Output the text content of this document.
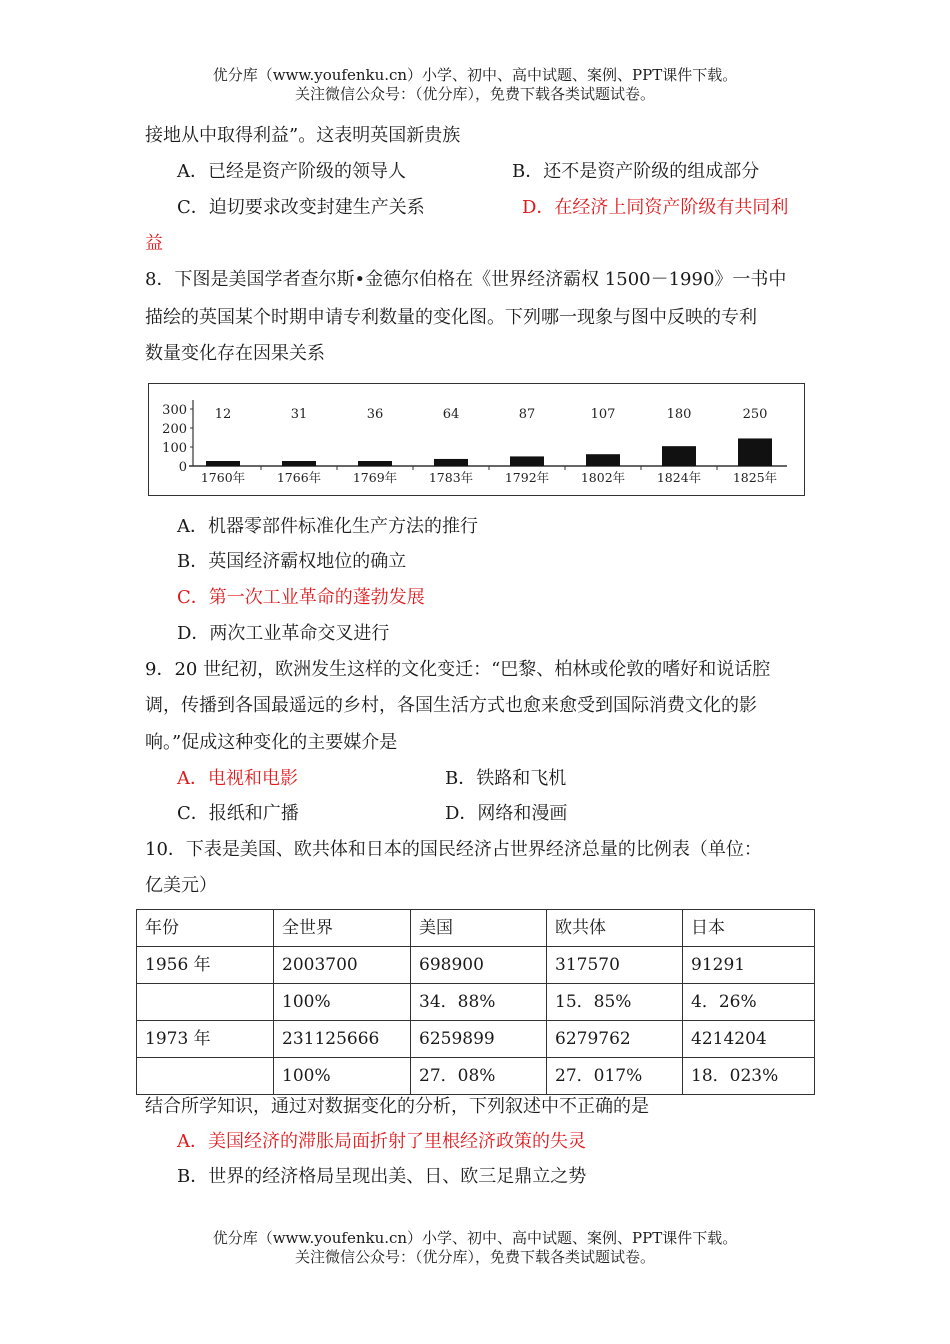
优分库（www.youfenku.cn）小学、初中、高中试题、案例、PPT课件下载。
关注微信公众号：（优分库），免费下载各类试题试卷。
接地从中取得利益”。这表明英国新贵族
A．已经是资产阶级的领导人	B．还不是资产阶级的组成部分
C．迫切要求改变封建生产关系	D．在经济上同资产阶级有共同利
益
8．下图是美国学者查尔斯•金德尔伯格在《世界经济霸权 1500－1990》一书中
描绘的英国某个时期申请专利数量的变化图。下列哪一现象与图中反映的专利
数量变化存在因果关系
300
200
100
0
12
1760年
31
1766年
36
1769年
64
1783年
87
1792年
107
1802年
180
1824年
250
1825年
A．机器零部件标准化生产方法的推行
B．英国经济霸权地位的确立
C．第一次工业革命的蓬勃发展
D．两次工业革命交叉进行
9．20 世纪初，欧洲发生这样的文化变迁：“巴黎、柏林或伦敦的嗜好和说话腔
调，传播到各国最遥远的乡村，各国生活方式也愈来愈受到国际消费文化的影
响。”促成这种变化的主要媒介是
A．电视和电影	B．铁路和飞机
C．报纸和广播	D．网络和漫画
10．下表是美国、欧共体和日本的国民经济占世界经济总量的比例表（单位：
亿美元）
年份	全世界	美国	欧共体	日本
1956 年	2003700	698900	317570	91291
	100%	34．88%	15．85%	4．26%
1973 年	231125666	6259899	6279762	4214204
	100%	27．08%	27．017%	18．023%
结合所学知识，通过对数据变化的分析，下列叙述中不正确的是
A．美国经济的滞胀局面折射了里根经济政策的失灵
B．世界的经济格局呈现出美、日、欧三足鼎立之势
优分库（www.youfenku.cn）小学、初中、高中试题、案例、PPT课件下载。
关注微信公众号：（优分库），免费下载各类试题试卷。
